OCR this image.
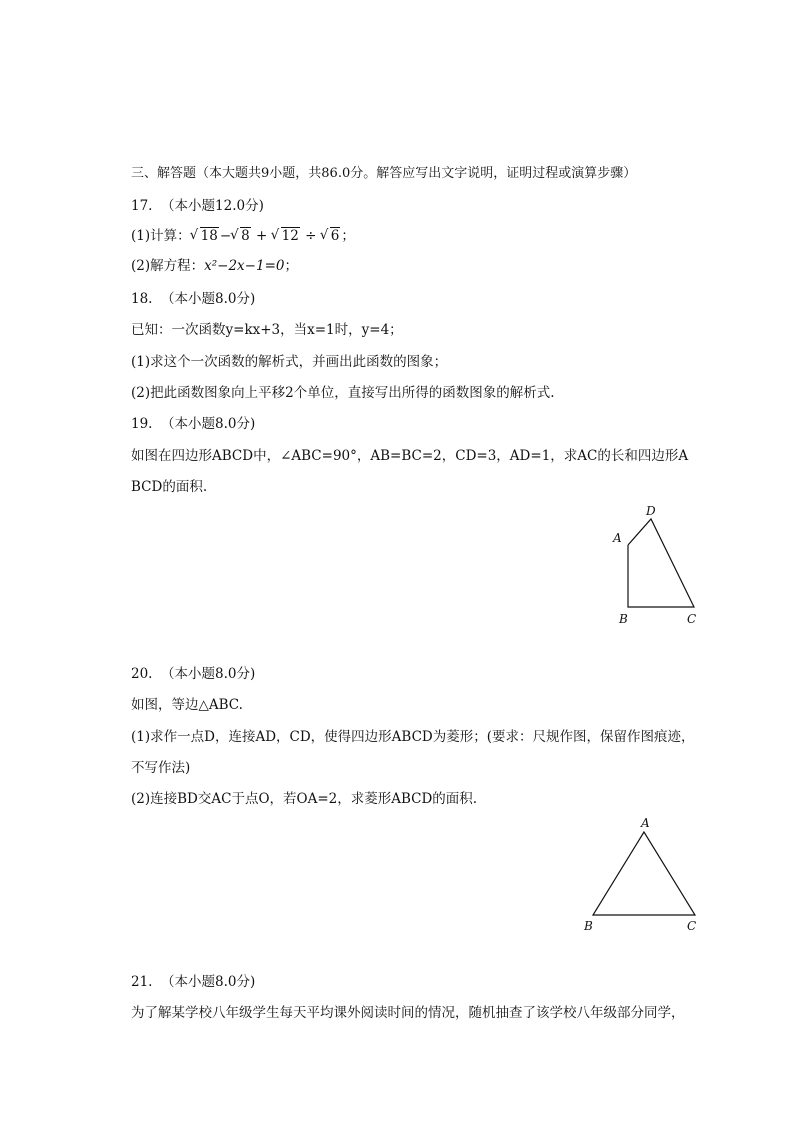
三、解答题（本大题共9小题，共86.0分。解答应写出文字说明，证明过程或演算步骤）
17.  （本小题12.0分)
(1)计算： √ 18 − √ 8 + √ 12 ÷ √ 6 ；
(2)解方程：x²−2x−1=0；
18.  （本小题8.0分)
已知：一次函数y=kx+3，当x=1时，y=4；
(1)求这个一次函数的解析式，并画出此函数的图象；
(2)把此函数图象向上平移2个单位，直接写出所得的函数图象的解析式.
19.  （本小题8.0分)
如图在四边形ABCD中，∠ABC=90°，AB=BC=2，CD=3，AD=1，求AC的长和四边形A
BCD的面积.
A
D
B	C
20.  （本小题8.0分)
如图，等边△ABC.
(1)求作一点D，连接AD，CD，使得四边形ABCD为菱形；(要求：尺规作图，保留作图痕迹，
不写作法)
(2)连接BD交AC于点O，若OA=2，求菱形ABCD的面积.
A
B	C
21.  （本小题8.0分)
为了解某学校八年级学生每天平均课外阅读时间的情况，随机抽查了该学校八年级部分同学，
